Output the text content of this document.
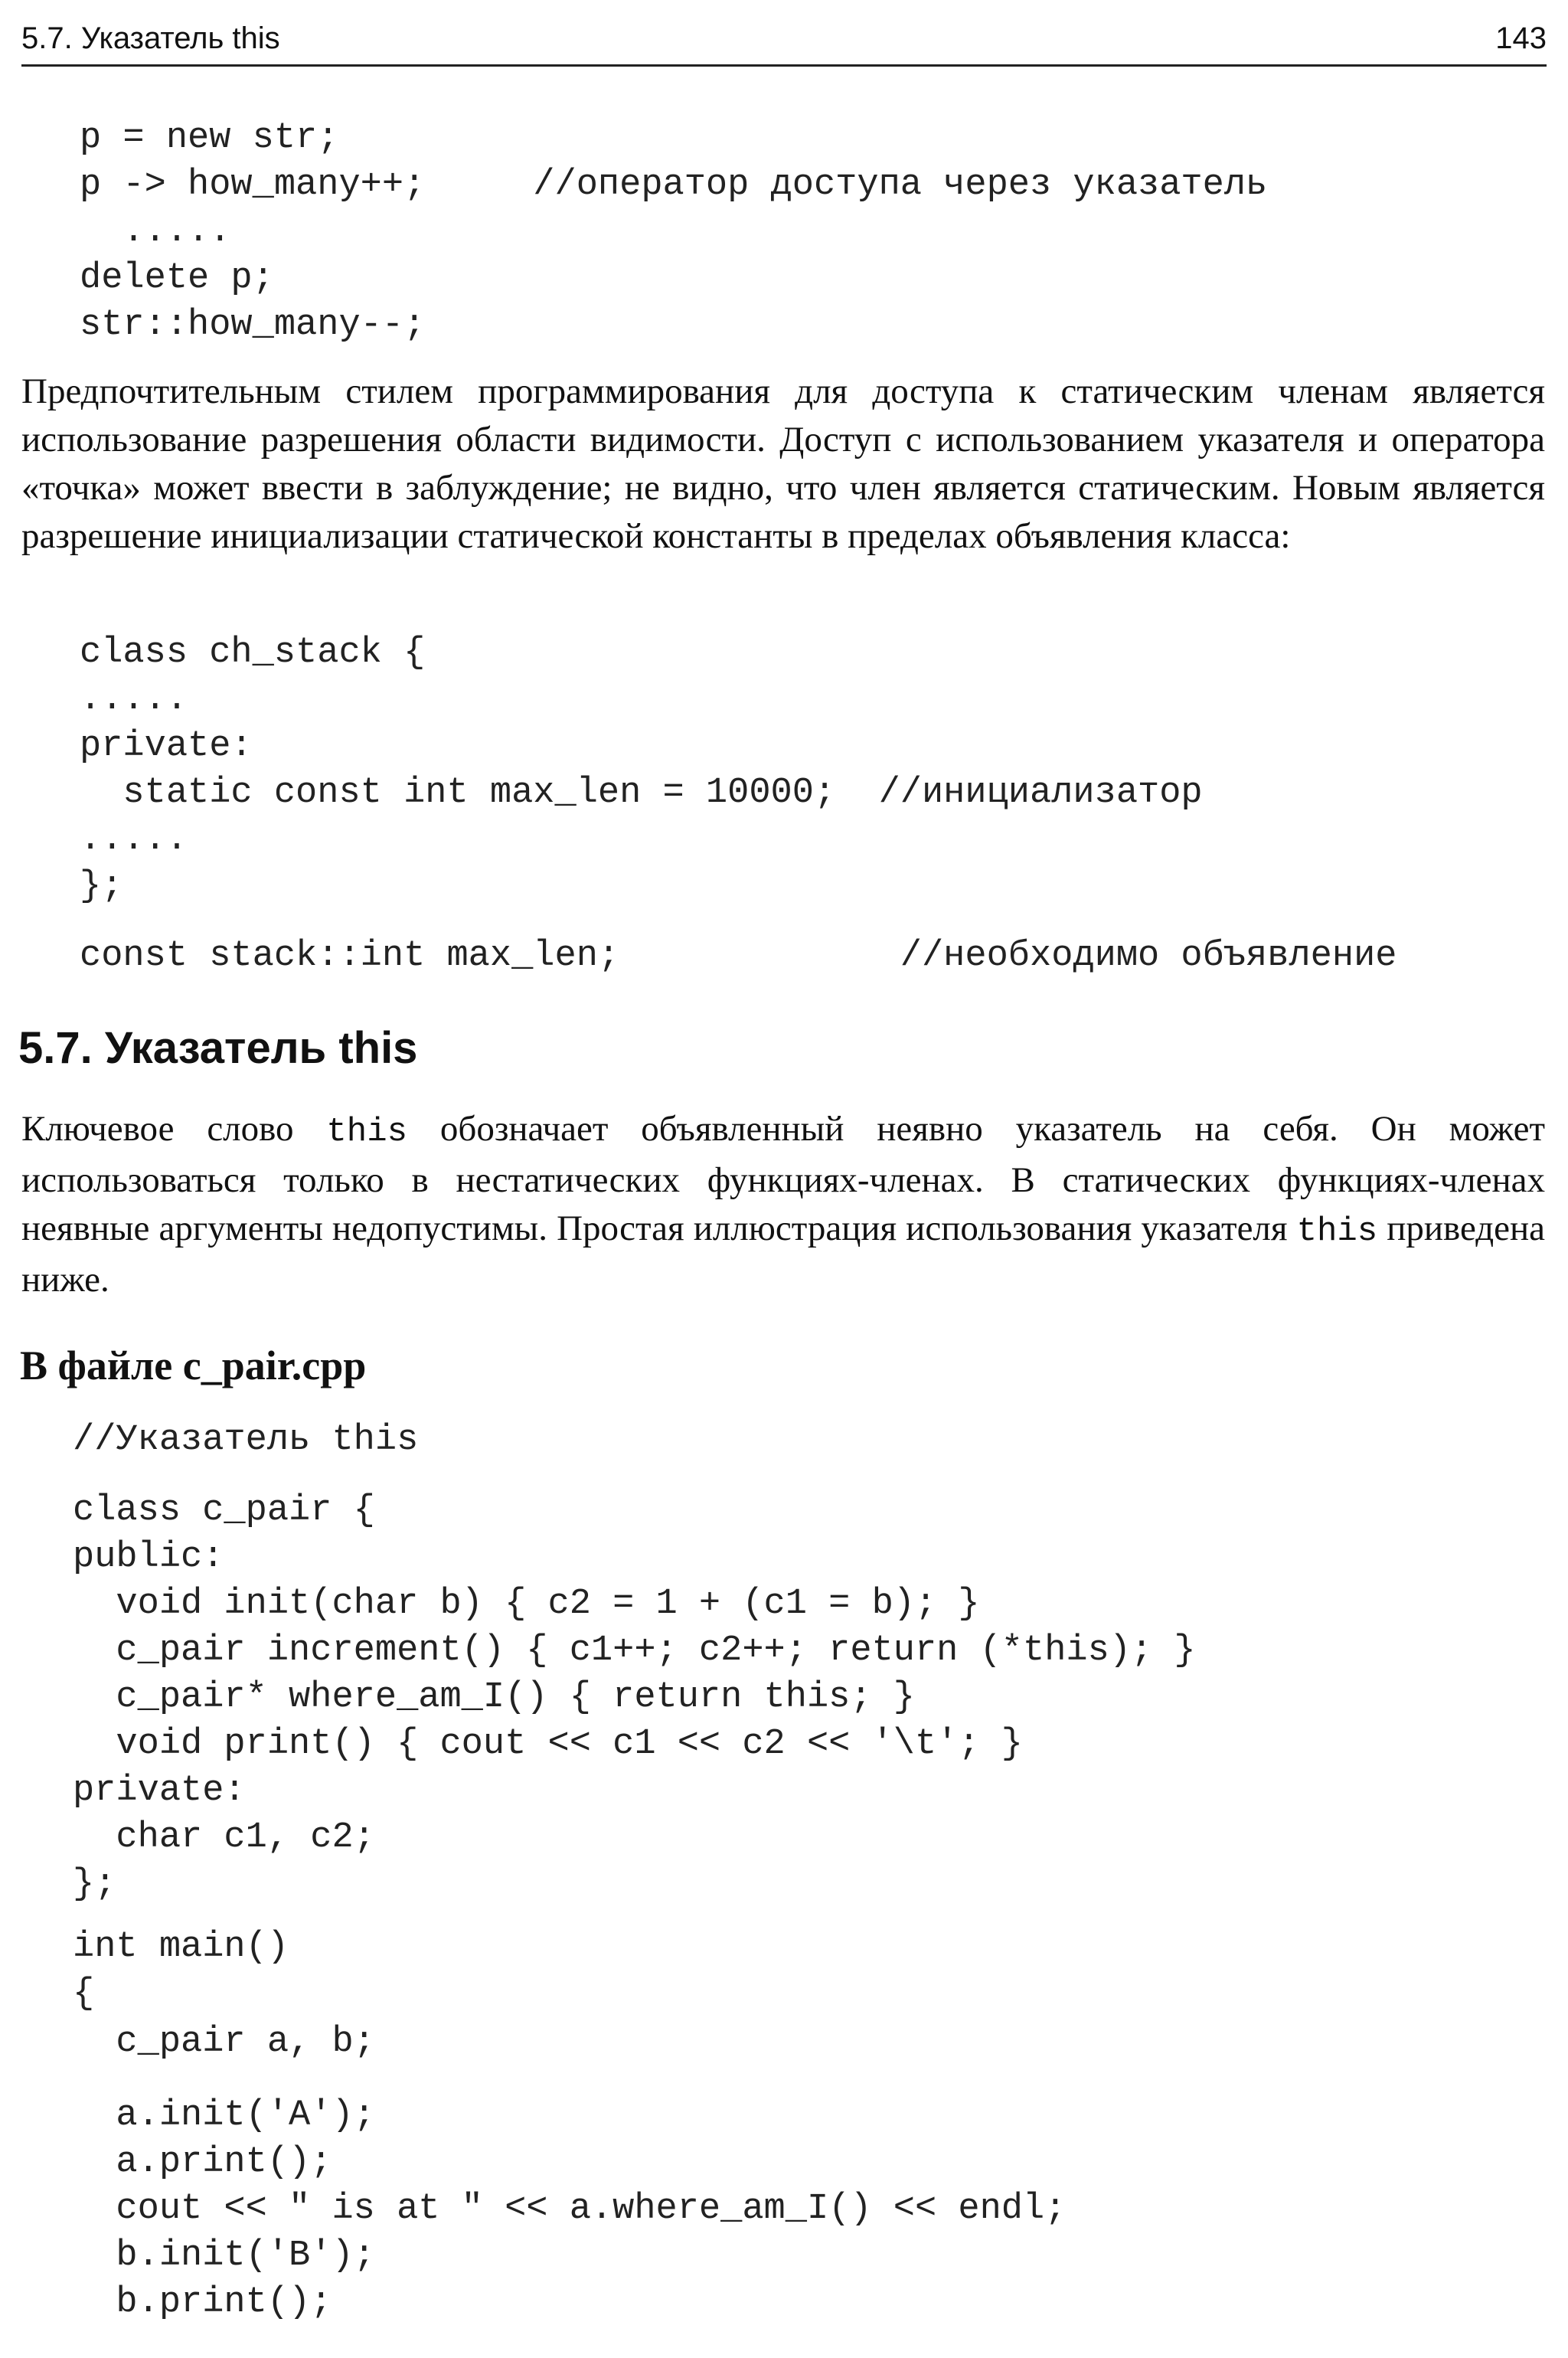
5.7. Указатель this	143
p = new str;
p -> how_many++;     //оператор доступа через указатель
.....
delete p;
str::how_many--;
Предпочтительным стилем программирования для доступа к статическим членам является использование разрешения области видимости. Доступ с использованием указателя и оператора «точка» может ввести в заблуждение; не видно, что член является статическим. Новым является разрешение инициализации статической константы в пределах объявления класса:
class ch_stack {
.....
private:
static const int max_len = 10000;  //инициализатор
.....
};
const stack::int max_len;             //необходимо объявление
5.7. Указатель this
Ключевое слово this обозначает объявленный неявно указатель на себя. Он может использоваться только в нестатических функциях-членах. В статических функциях-членах неявные аргументы недопустимы. Простая иллюстрация использования указателя this приведена ниже.
В файле c_pair.cpp
//Указатель this
class c_pair {
public:
void init(char b) { c2 = 1 + (c1 = b); }
c_pair increment() { c1++; c2++; return (*this); }
c_pair* where_am_I() { return this; }
void print() { cout << c1 << c2 << '\t'; }
private:
char c1, c2;
};
int main()
{
c_pair a, b;
a.init('A');
a.print();
cout << " is at " << a.where_am_I() << endl;
b.init('B');
b.print();
